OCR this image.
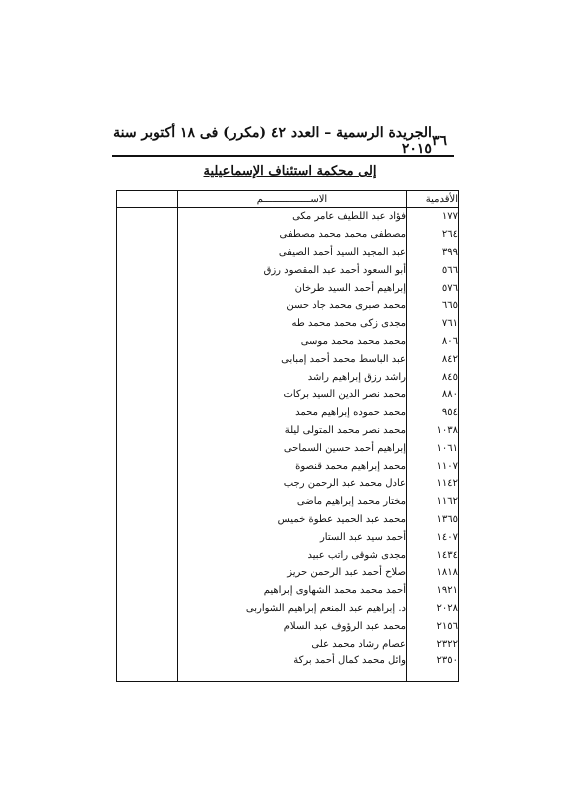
٣٦
الجريدة الرسمية – العدد ٤٢ (مكرر) فى ١٨ أكتوبر سنة ٢٠١٥
إلى محكمة استئناف الإسماعيلية
الأقدمية	الاســــــــــــــــم	
١٧٧	فؤاد عبد اللطيف عامر مكى	
٢٦٤	مصطفى محمد محمد مصطفى	
٣٩٩	عبد المجيد السيد أحمد الصيفى	
٥٦٦	أبو السعود أحمد عبد المقصود رزق	
٥٧٦	إبراهيم أحمد السيد طرخان	
٦٦٥	محمد صبرى محمد جاد حسن	
٧٦١	مجدى زكى محمد محمد طه	
٨٠٦	محمد محمد محمد موسى	
٨٤٢	عبد الباسط محمد أحمد إمبابى	
٨٤٥	راشد رزق إبراهيم راشد	
٨٨٠	محمد نصر الدين السيد بركات	
٩٥٤	محمد حموده إبراهيم محمد	
١٠٣٨	محمد نصر محمد المتولى ليلة	
١٠٦١	إبراهيم أحمد حسين السماحى	
١١٠٧	محمد إبراهيم محمد قنصوة	
١١٤٢	عادل محمد عبد الرحمن رجب	
١١٦٢	مختار محمد إبراهيم ماضى	
١٣٦٥	محمد عبد الحميد عطوة خميس	
١٤٠٧	أحمد سيد عبد الستار	
١٤٣٤	مجدى شوقى راتب عبيد	
١٨١٨	صلاح أحمد عبد الرحمن حريز	
١٩٢١	أحمد محمد محمد الشهاوى إبراهيم	
٢٠٢٨	د. إبراهيم عبد المنعم إبراهيم الشواربى	
٢١٥٦	محمد عبد الرؤوف عبد السلام	
٢٣٢٢	عصام رشاد محمد على	
٢٣٥٠	وائل محمد كمال أحمد بركة	
